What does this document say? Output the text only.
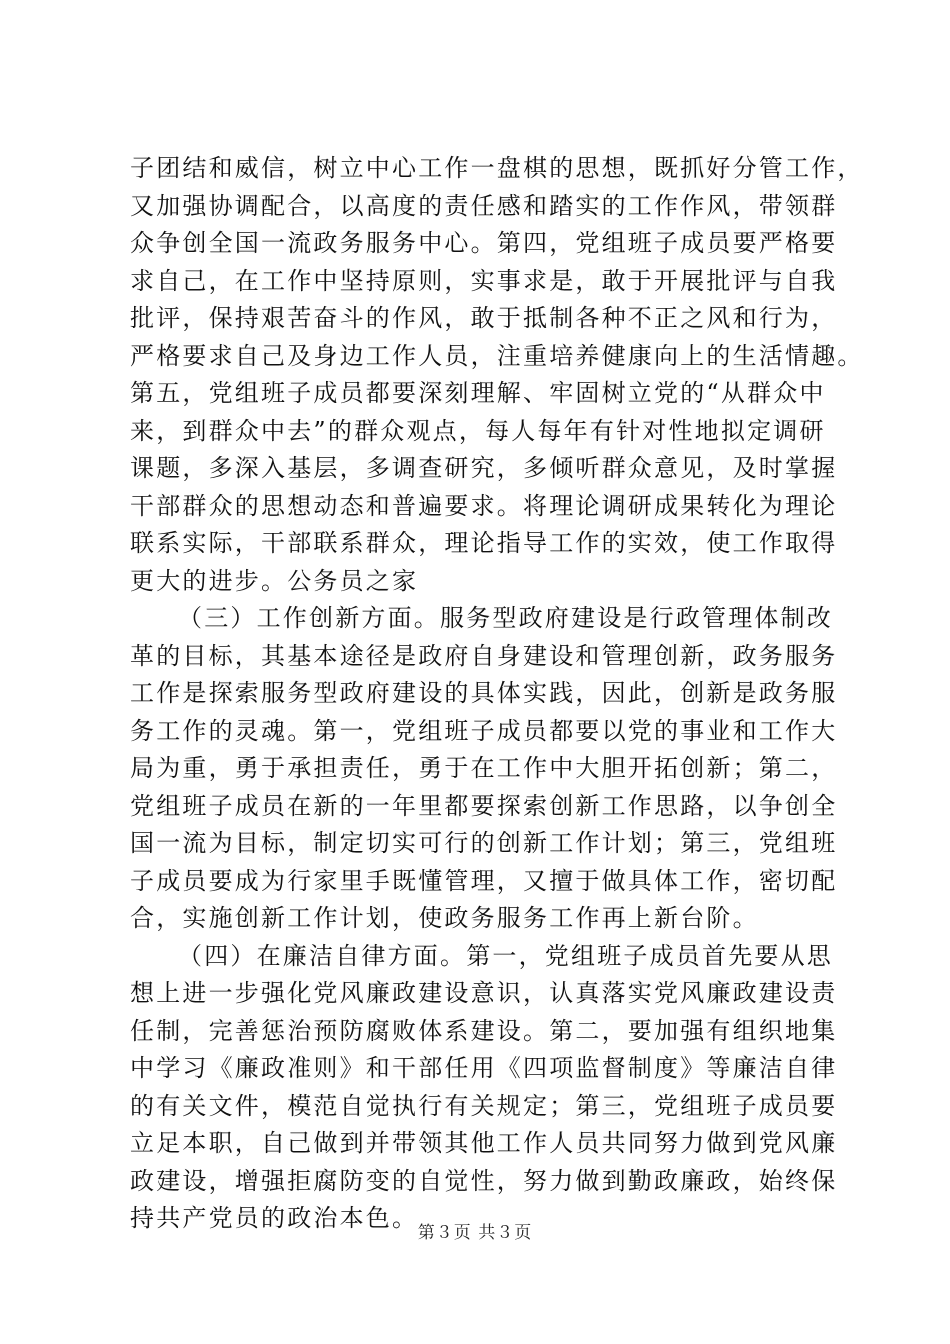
子团结和威信，树立中心工作一盘棋的思想，既抓好分管工作，
又加强协调配合，以高度的责任感和踏实的工作作风，带领群
众争创全国一流政务服务中心。第四，党组班子成员要严格要
求自己，在工作中坚持原则，实事求是，敢于开展批评与自我
批评，保持艰苦奋斗的作风，敢于抵制各种不正之风和行为，
严格要求自己及身边工作人员，注重培养健康向上的生活情趣。
第五，党组班子成员都要深刻理解、牢固树立党的“从群众中
来，到群众中去”的群众观点，每人每年有针对性地拟定调研
课题，多深入基层，多调查研究，多倾听群众意见，及时掌握
干部群众的思想动态和普遍要求。将理论调研成果转化为理论
联系实际，干部联系群众，理论指导工作的实效，使工作取得
更大的进步。公务员之家
（三）工作创新方面。服务型政府建设是行政管理体制改
革的目标，其基本途径是政府自身建设和管理创新，政务服务
工作是探索服务型政府建设的具体实践，因此，创新是政务服
务工作的灵魂。第一，党组班子成员都要以党的事业和工作大
局为重，勇于承担责任，勇于在工作中大胆开拓创新；第二，
党组班子成员在新的一年里都要探索创新工作思路，以争创全
国一流为目标，制定切实可行的创新工作计划；第三，党组班
子成员要成为行家里手既懂管理，又擅于做具体工作，密切配
合，实施创新工作计划，使政务服务工作再上新台阶。
（四）在廉洁自律方面。第一，党组班子成员首先要从思
想上进一步强化党风廉政建设意识，认真落实党风廉政建设责
任制，完善惩治预防腐败体系建设。第二，要加强有组织地集
中学习《廉政准则》和干部任用《四项监督制度》等廉洁自律
的有关文件，模范自觉执行有关规定；第三，党组班子成员要
立足本职，自己做到并带领其他工作人员共同努力做到党风廉
政建设，增强拒腐防变的自觉性，努力做到勤政廉政，始终保
持共产党员的政治本色。
第３页 共３页
